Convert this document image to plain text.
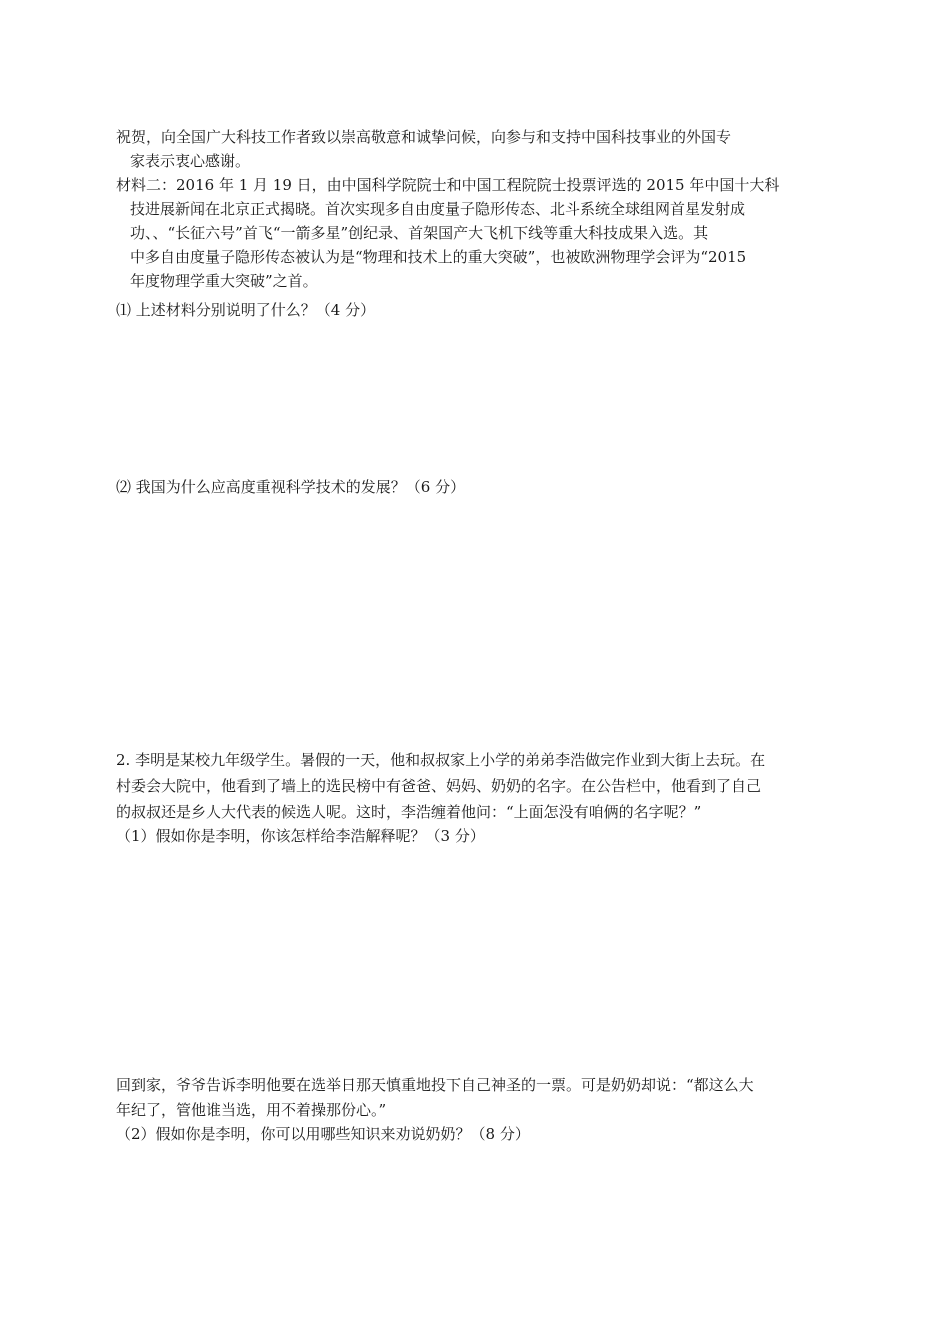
祝贺，向全国广大科技工作者致以崇高敬意和诚挚问候，向参与和支持中国科技事业的外国专
家表示衷心感谢。
材料二：2016 年 1 月 19 日，由中国科学院院士和中国工程院院士投票评选的 2015 年中国十大科
技进展新闻在北京正式揭晓。首次实现多自由度量子隐形传态、北斗系统全球组网首星发射成
功、、“长征六号”首飞“一箭多星”创纪录、首架国产大飞机下线等重大科技成果入选。其
中多自由度量子隐形传态被认为是“物理和技术上的重大突破”，也被欧洲物理学会评为“2015
年度物理学重大突破”之首。
⑴ 上述材料分别说明了什么？（4 分）
⑵ 我国为什么应高度重视科学技术的发展？（6 分）
2. 李明是某校九年级学生。暑假的一天，他和叔叔家上小学的弟弟李浩做完作业到大街上去玩。在
村委会大院中，他看到了墙上的选民榜中有爸爸、妈妈、奶奶的名字。在公告栏中，他看到了自己
的叔叔还是乡人大代表的候选人呢。这时，李浩缠着他问：“上面怎没有咱俩的名字呢？”
（1）假如你是李明，你该怎样给李浩解释呢？（3 分）
回到家，爷爷告诉李明他要在选举日那天慎重地投下自己神圣的一票。可是奶奶却说：“都这么大
年纪了，管他谁当选，用不着操那份心。”
（2）假如你是李明，你可以用哪些知识来劝说奶奶？（8 分）
